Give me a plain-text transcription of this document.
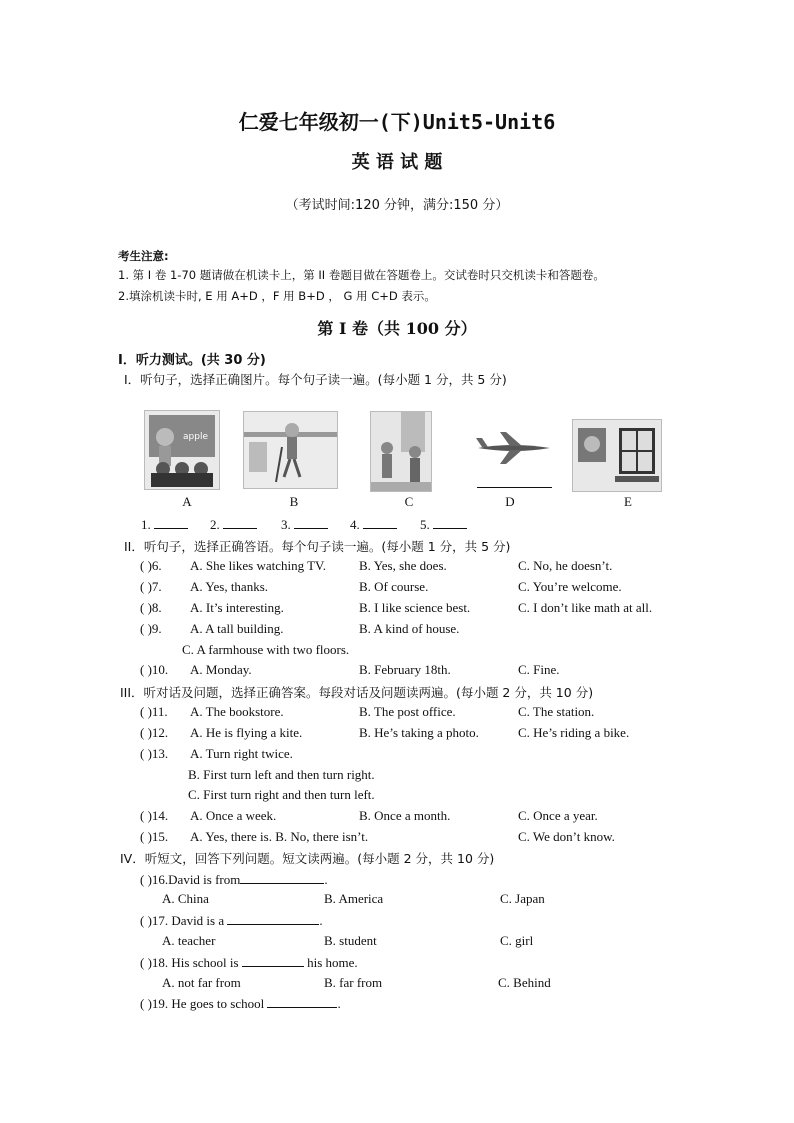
仁爱七年级初一(下)Unit5-Unit6
英 语 试 题
（考试时间:120 分钟，满分:150 分）
考生注意:
1. 第 I 卷 1-70 题请做在机读卡上，第 II 卷题目做在答题卷上。交试卷时只交机读卡和答题卷。
2.填涂机读卡时, E 用 A+D ，F 用 B+D ， G 用 C+D 表示。
第 I 卷（共 100 分）
I．听力测试。(共 30 分)
Ⅰ．听句子，选择正确图片。每个句子读一遍。(每小题 1 分，共 5 分)
apple
A	B	C	D	E
1.	2.	3.	4.	5.
II．听句子，选择正确答语。每个句子读一遍。(每小题 1 分，共 5 分)
( )6. A. She likes watching TV.	B. Yes, she does.	C. No, he doesn’t.
( )7. A. Yes, thanks.	B. Of course.	C. You’re welcome.
( )8. A. It’s interesting.	B. I like science best.	C. I don’t like math at all.
( )9. A. A tall building.	B. A kind of house.
C. A farmhouse with two floors.
( )10. A. Monday.	B. February 18th.	C. Fine.
III．听对话及问题，选择正确答案。每段对话及问题读两遍。(每小题 2 分，共 10 分)
( )11. A. The bookstore.	B. The post office.	C. The station.
( )12. A. He is flying a kite.	B. He’s taking a photo.	C. He’s riding a bike.
( )13. A. Turn right twice.
B. First turn left and then turn right.
C. First turn right and then turn left.
( )14. A. Once a week.	B. Once a month.	C. Once a year.
( )15. A. Yes, there is. B. No, there isn’t.	C. We don’t know.
IV．听短文，回答下列问题。短文读两遍。(每小题 2 分，共 10 分)
( )16.David is from	.
A. China	B. America	C. Japan
( )17. David is a	.
A. teacher	B. student	C. girl
( )18. His school is	his home.
A. not far from	B. far from	C. Behind
( )19. He goes to school	.
